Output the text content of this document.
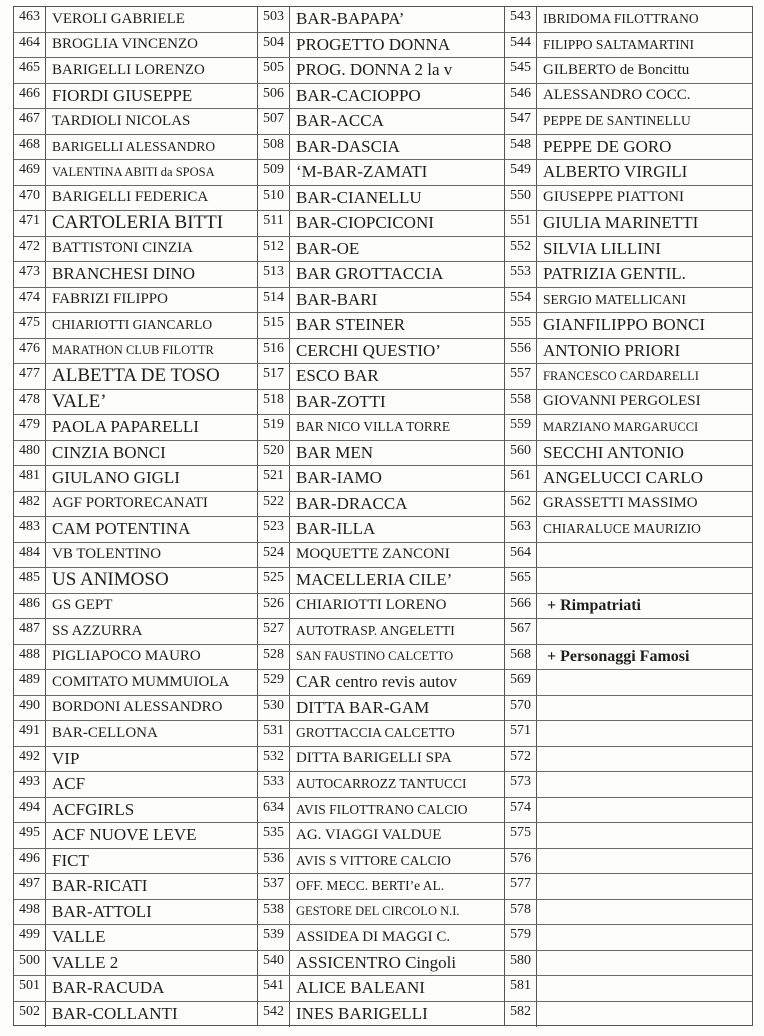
463 VEROLI GABRIELE
464 BROGLIA VINCENZO
465 BARIGELLI LORENZO
466 FIORDI GIUSEPPE
467 TARDIOLI NICOLAS
468 BARIGELLI ALESSANDRO
469 VALENTINA ABITI da SPOSA
470 BARIGELLI FEDERICA
471 CARTOLERIA BITTI
472 BATTISTONI CINZIA
473 BRANCHESI DINO
474 FABRIZI FILIPPO
475 CHIARIOTTI GIANCARLO
476 MARATHON CLUB FILOTTR
477 ALBETTA DE TOSO
478 VALE’
479 PAOLA PAPARELLI
480 CINZIA BONCI
481 GIULANO GIGLI
482 AGF PORTORECANATI
483 CAM POTENTINA
484 VB TOLENTINO
485 US ANIMOSO
486 GS GEPT
487 SS AZZURRA
488 PIGLIAPOCO MAURO
489 COMITATO MUMMUIOLA
490 BORDONI ALESSANDRO
491 BAR-CELLONA
492 VIP
493 ACF
494 ACFGIRLS
495 ACF NUOVE LEVE
496 FICT
497 BAR-RICATI
498 BAR-ATTOLI
499 VALLE
500 VALLE 2
501 BAR-RACUDA
502 BAR-COLLANTI
503 BAR-BAPAPA’
504 PROGETTO DONNA
505 PROG. DONNA 2 la v
506 BAR-CACIOPPO
507 BAR-ACCA
508 BAR-DASCIA
509 ‘M-BAR-ZAMATI
510 BAR-CIANELLU
511 BAR-CIOPCICONI
512 BAR-OE
513 BAR GROTTACCIA
514 BAR-BARI
515 BAR STEINER
516 CERCHI QUESTIO’
517 ESCO BAR
518 BAR-ZOTTI
519 BAR NICO VILLA TORRE
520 BAR MEN
521 BAR-IAMO
522 BAR-DRACCA
523 BAR-ILLA
524 MOQUETTE ZANCONI
525 MACELLERIA CILE’
526 CHIARIOTTI LORENO
527 AUTOTRASP. ANGELETTI
528 SAN FAUSTINO CALCETTO
529 CAR centro revis autov
530 DITTA BAR-GAM
531 GROTTACCIA CALCETTO
532 DITTA BARIGELLI SPA
533 AUTOCARROZZ TANTUCCI
634 AVIS FILOTTRANO CALCIO
535 AG. VIAGGI VALDUE
536 AVIS S VITTORE CALCIO
537 OFF. MECC. BERTI’e AL.
538 GESTORE DEL CIRCOLO N.I.
539 ASSIDEA DI MAGGI C.
540 ASSICENTRO Cingoli
541 ALICE BALEANI
542 INES BARIGELLI
543 IBRIDOMA FILOTTRANO
544 FILIPPO SALTAMARTINI
545 GILBERTO de Boncittu
546 ALESSANDRO COCC.
547 PEPPE DE SANTINELLU
548 PEPPE DE GORO
549 ALBERTO VIRGILI
550 GIUSEPPE PIATTONI
551 GIULIA MARINETTI
552 SILVIA LILLINI
553 PATRIZIA GENTIL.
554 SERGIO MATELLICANI
555 GIANFILIPPO BONCI
556 ANTONIO PRIORI
557 FRANCESCO CARDARELLI
558 GIOVANNI PERGOLESI
559 MARZIANO MARGARUCCI
560 SECCHI ANTONIO
561 ANGELUCCI CARLO
562 GRASSETTI MASSIMO
563 CHIARALUCE MAURIZIO
564
565
566	+ Rimpatriati
567
568	+ Personaggi Famosi
569
570
571
572
573
574
575
576
577
578
579
580
581
582
